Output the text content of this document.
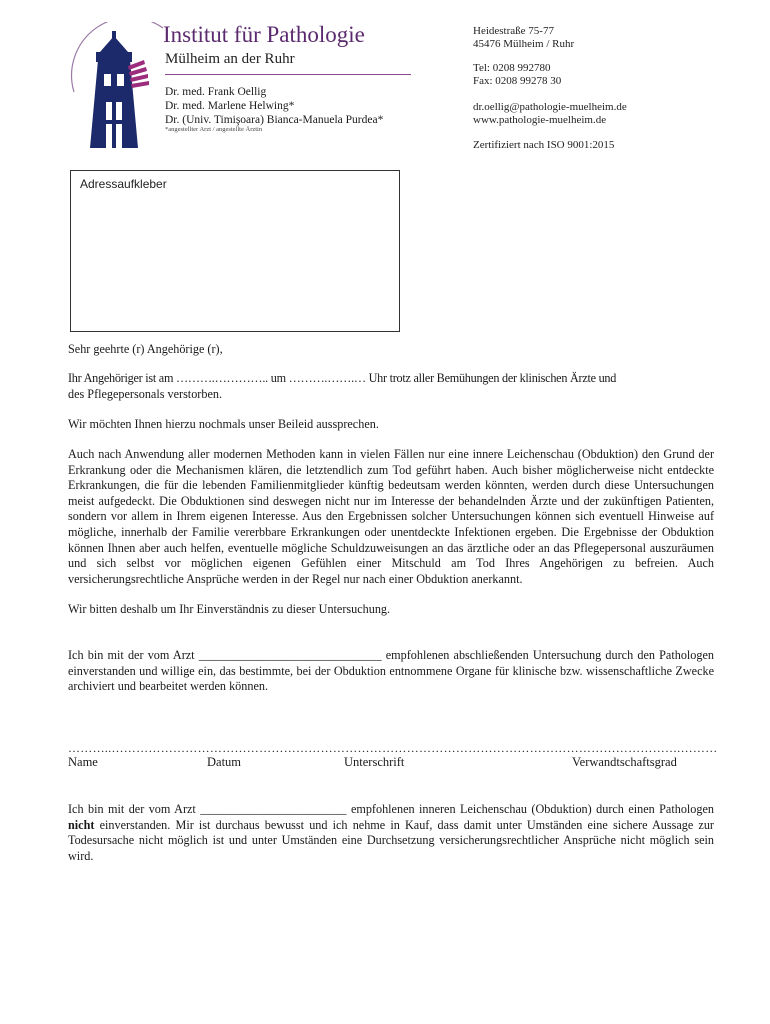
Institut für Pathologie
Mülheim an der Ruhr
Dr. med. Frank Oellig
Dr. med. Marlene Helwing*
Dr. (Univ. Timişoara) Bianca-Manuela Purdea*
*angestellter Arzt / angestellte Ärztin
Heidestraße 75-77
45476 Mülheim / Ruhr
Tel: 0208 992780
Fax: 0208 99278 30
dr.oellig@pathologie-muelheim.de
www.pathologie-muelheim.de
Zertifiziert nach ISO 9001:2015
Adressaufkleber

Sehr geehrte (r) Angehörige (r),

Ihr Angehöriger ist am ……….………….. um ……….…….… Uhr trotz aller Bemühungen der klinischen Ärzte und

des Pflegepersonals verstorben.

Wir möchten Ihnen hierzu nochmals unser Beileid aussprechen.

Auch nach Anwendung aller modernen Methoden kann in vielen Fällen nur eine innere Leichenschau (Obduktion) den Grund der Erkrankung oder die Mechanismen klären, die letztendlich zum Tod geführt haben. Auch bisher möglicherweise nicht entdeckte Erkrankungen, die für die lebenden Familienmitglieder künftig bedeutsam werden könnten, werden durch diese Untersuchungen meist aufgedeckt. Die Obduktionen sind deswegen nicht nur im Interesse der behandelnden Ärzte und der zukünftigen Patienten, sondern vor allem in Ihrem eigenen Interesse. Aus den Ergebnissen solcher Untersuchungen können sich eventuell Hinweise auf mögliche, innerhalb der Familie vererbbare Erkrankungen oder unentdeckte Infektionen ergeben. Die Ergebnisse der Obduktion können Ihnen aber auch helfen, eventuelle mögliche Schuldzuweisungen an das ärztliche oder an das Pflegepersonal auszuräumen und sich selbst vor möglichen eigenen Gefühlen einer Mitschuld am Tod Ihres Angehörigen zu befreien. Auch versicherungsrechtliche Ansprüche werden in der Regel nur nach einer Obduktion anerkannt.

Wir bitten deshalb um Ihr Einverständnis zu dieser Untersuchung.

Ich bin mit der vom Arzt ______________________________ empfohlenen abschließenden Untersuchung durch den Pathologen einverstanden und willige ein, das bestimmte, bei der Obduktion entnommene Organe für klinische bzw. wissenschaftliche Zwecke archiviert und bearbeitet werden können.

………..………………………………………………………………………………………………………………………….………
Name	Datum	Unterschrift	Verwandtschaftsgrad

Ich bin mit der vom Arzt ________________________ empfohlenen inneren Leichenschau (Obduktion) durch einen Pathologen nicht einverstanden. Mir ist durchaus bewusst und ich nehme in Kauf, dass damit unter Umständen eine sichere Aussage zur Todesursache nicht möglich ist und unter Umständen eine Durchsetzung versicherungsrechtlicher Ansprüche nicht möglich sein wird.
